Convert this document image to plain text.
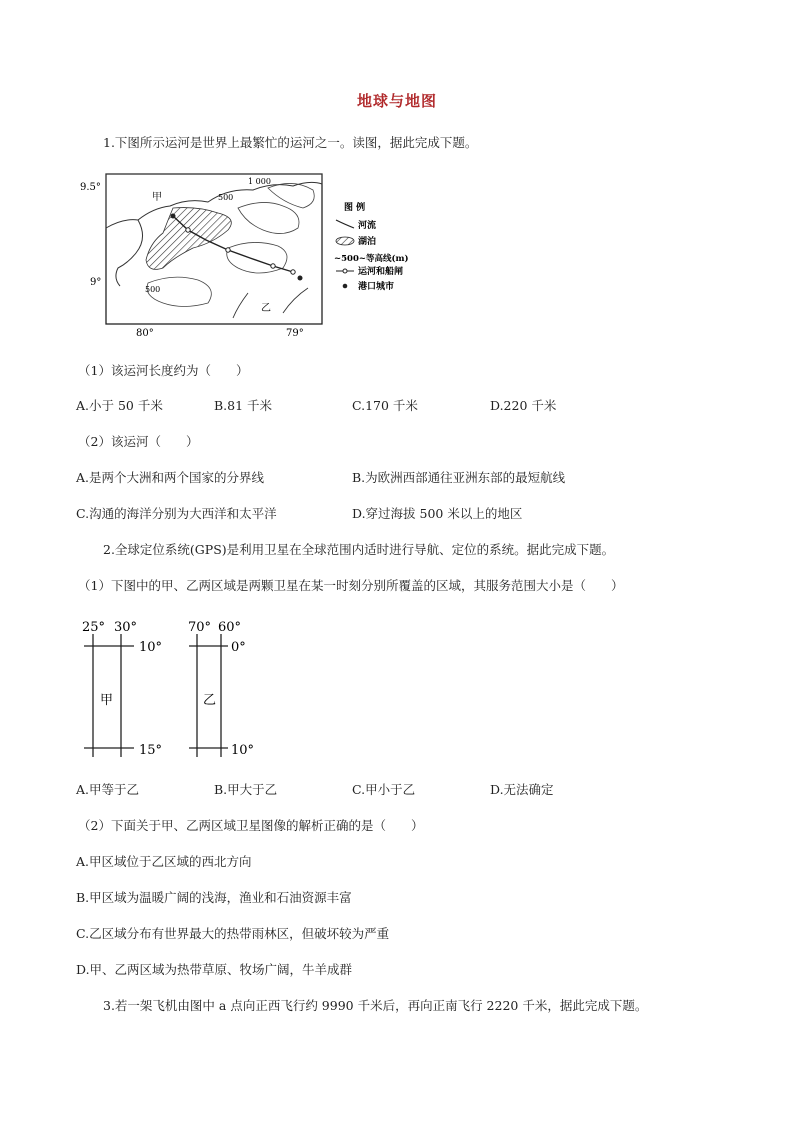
地球与地图
1.下图所示运河是世界上最繁忙的运河之一。读图，据此完成下题。
9.5°
9°
80°	79°
甲
乙
1 000
500
500
图 例
河流
湖泊
~500~等高线(m)
运河和船闸
港口城市
（1）该运河长度约为（　　）
A.小于 50 千米	B.81 千米	C.170 千米	D.220 千米
（2）该运河（　　）
A.是两个大洲和两个国家的分界线	B.为欧洲西部通往亚洲东部的最短航线
C.沟通的海洋分别为大西洋和太平洋	D.穿过海拔 500 米以上的地区
2.全球定位系统(GPS)是利用卫星在全球范围内适时进行导航、定位的系统。据此完成下题。
（1）下图中的甲、乙两区域是两颗卫星在某一时刻分别所覆盖的区域，其服务范围大小是（　　）
25° 30°
10°
15°
甲
70° 60°
0°
10°
乙
A.甲等于乙	B.甲大于乙	C.甲小于乙	D.无法确定
（2）下面关于甲、乙两区域卫星图像的解析正确的是（　　）
A.甲区域位于乙区域的西北方向
B.甲区域为温暖广阔的浅海，渔业和石油资源丰富
C.乙区域分布有世界最大的热带雨林区，但破坏较为严重
D.甲、乙两区域为热带草原、牧场广阔，牛羊成群
3.若一架飞机由图中 a 点向正西飞行约 9990 千米后，再向正南飞行 2220 千米，据此完成下题。
